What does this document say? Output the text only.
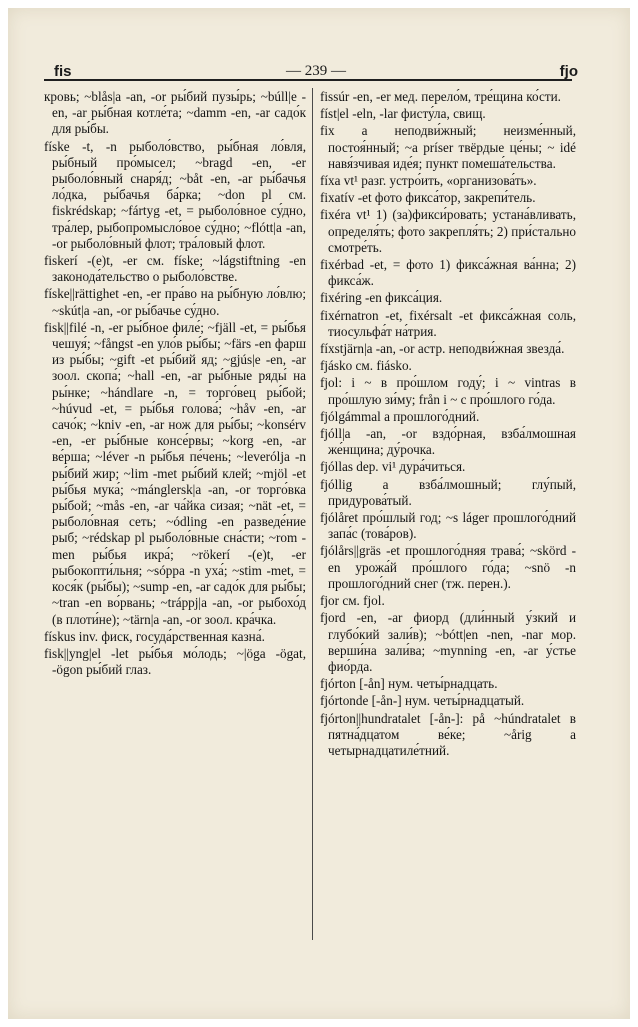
fis	— 239 —	fjo

кровь; ~blås|a -an, -or ры́бий пузы́рь; ~búll|e -en, -ar ры́бная котле́та; ~damm -en, -ar садо́к для ры́бы.

físke -t, -n рыболо́вство, ры́бная ло́вля, ры́бный про́мысел; ~bragd -en, -er рыболо́вный снаря́д; ~båt -en, -ar ры́бачья ло́дка, ры́бачья ба́рка; ~don pl см. fiskrédskap; ~fártyg -et, = рыболо́вное су́дно, тра́лер, рыбопромысло́вое су́дно; ~flótt|a -an, -or рыболо́вный флот; тра́ловый флот.

fiskerí -(e)t, -er см. físke; ~lágstiftning -en законода́тельство о рыболо́встве.

físke||rättighet -en, -er пра́во на ры́бную ло́влю; ~skút|a -an, -or ры́бачье су́дно.

fisk||filé -n, -er ры́бное филе́; ~fjäll -et, = ры́бья чешуя́; ~fångst -en уло́в ры́бы; ~färs -en фарш из ры́бы; ~gift -et ры́бий яд; ~gjús|e -en, -ar зоол. скопа́; ~hall -en, -ar ры́бные ряды́ на ры́нке; ~hándlare -n, = торго́вец ры́бой; ~húvud -et, = ры́бья голова́; ~håv -en, -ar сачо́к; ~kniv -en, -ar нож для ры́бы; ~konsérv -en, -er ры́бные консе́рвы; ~korg -en, -ar ве́рша; ~léver -n ры́бья пе́чень; ~leverólja -n ры́бий жир; ~lim -met ры́бий клей; ~mjöl -et ры́бья мука́; ~mánglersk|a -an, -or торго́вка ры́бой; ~mås -en, -ar ча́йка сизая; ~nät -et, = рыболо́вная сеть; ~ódling -en разведе́ние рыб; ~rédskap pl рыболо́вные сна́сти; ~rom -men ры́бья икра́; ~rökerí -(e)t, -er рыбокопти́льня; ~sóppa -n уха́; ~stim -met, = кося́к (ры́бы); ~sump -en, -ar садо́к для ры́бы; ~tran -en во́рвань; ~tráppj|a -an, -or рыбохо́д (в плоти́не); ~tärn|a -an, -or зоол. кра́чка.

fískus inv. фиск, госуда́рственная казна́.

fisk||yng|el -let ры́бья мо́лодь; ~|öga -ögat, -ögon ры́бий глаз.

fissúr -en, -er мед. перело́м, тре́щина ко́сти.

físt|el -eln, -lar фисту́ла, свищ.

fix a неподви́жный; неизме́нный, постоя́нный; ~a príser твёрдые це́ны; ~ idé навя́зчивая иде́я; пункт помеша́тельства.

fíxa vt¹ разг. устро́ить, «организова́ть».

fixatív -et фото фикса́тор, закрепи́тель.

fixéra vt¹ 1) (за)фикси́ровать; устана́вливать, определя́ть; фото закрепля́ть; 2) при́стально смотре́ть.

fixérbad -et, = фото 1) фикса́жная ва́нна; 2) фикса́ж.

fixéring -en фикса́ция.

fixérnatron -et, fixérsalt -et фикса́жная соль, тиосульфа́т на́трия.

fíxstjärn|a -an, -or астр. неподви́жная звезда́.

fjásko см. fiásko.

fjol: i ~ в про́шлом году́; i ~ vintras в про́шлую зи́му; från i ~ с про́шлого го́да.

fjólgámmal a прошлого́дний.

fjóll|a -an, -or вздо́рная, взба́лмошная же́нщина; ду́рочка.

fjóllas dep. vi¹ дура́читься.

fjóllig a взба́лмошный; глу́пый, придурова́тый.

fjólåret про́шлый год; ~s láger прошлого́дний запа́с (това́ров).

fjólårs||gräs -et прошлого́дняя трава́; ~skörd -en урожа́й про́шлого го́да; ~snö -n прошлого́дний снег (тж. перен.).

fjor см. fjol.

fjord -en, -ar фиорд (дли́нный у́зкий и глубо́кий зали́в); ~bótt|en -nen, -nar мор. верши́на зали́ва; ~mynning -en, -ar у́стье фио́рда.

fjórton [-ån] нум. четы́рнадцать.

fjórtonde [-ån-] нум. четы́рнадцатый.

fjórton||hundratalet [-ån-]: på ~húndratalet в пятна́дцатом ве́ке; ~årig a четырнадцатиле́тний.
